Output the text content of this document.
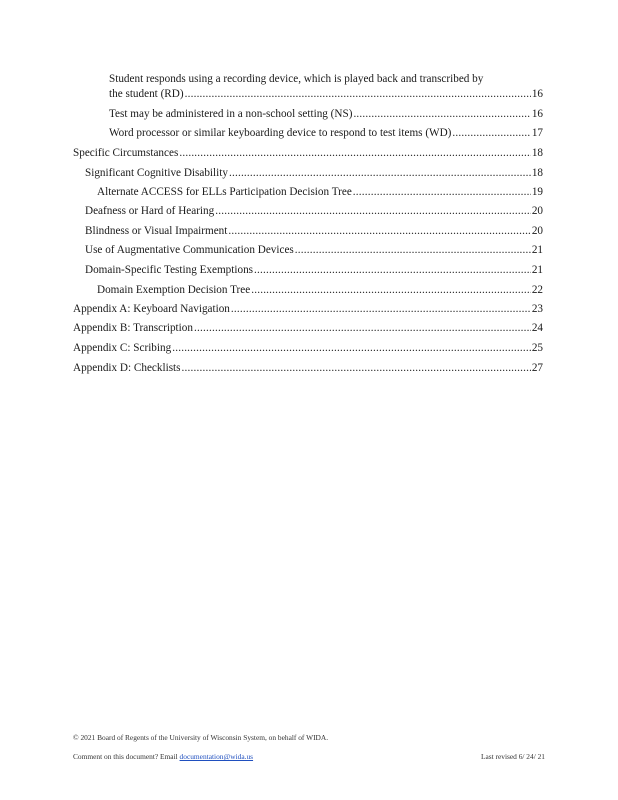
Student responds using a recording device, which is played back and transcribed by
the student (RD) .....	16
Test may be administered in a non-school setting (NS) .....	16
Word processor or similar keyboarding device to respond to test items (WD) .....	17
Specific Circumstances .....	18
Significant Cognitive Disability .....	18
Alternate ACCESS for ELLs Participation Decision Tree .....	19
Deafness or Hard of Hearing .....	20
Blindness or Visual Impairment .....	20
Use of Augmentative Communication Devices .....	21
Domain-Specific Testing Exemptions .....	21
Domain Exemption Decision Tree .....	22
Appendix A: Keyboard Navigation .....	23
Appendix B: Transcription .....	24
Appendix C: Scribing .....	25
Appendix D: Checklists .....	27
© 2021 Board of Regents of the University of Wisconsin System, on behalf of WIDA.
Comment on this document? Email documentation@wida.us	Last revised 6/ 24/ 21
